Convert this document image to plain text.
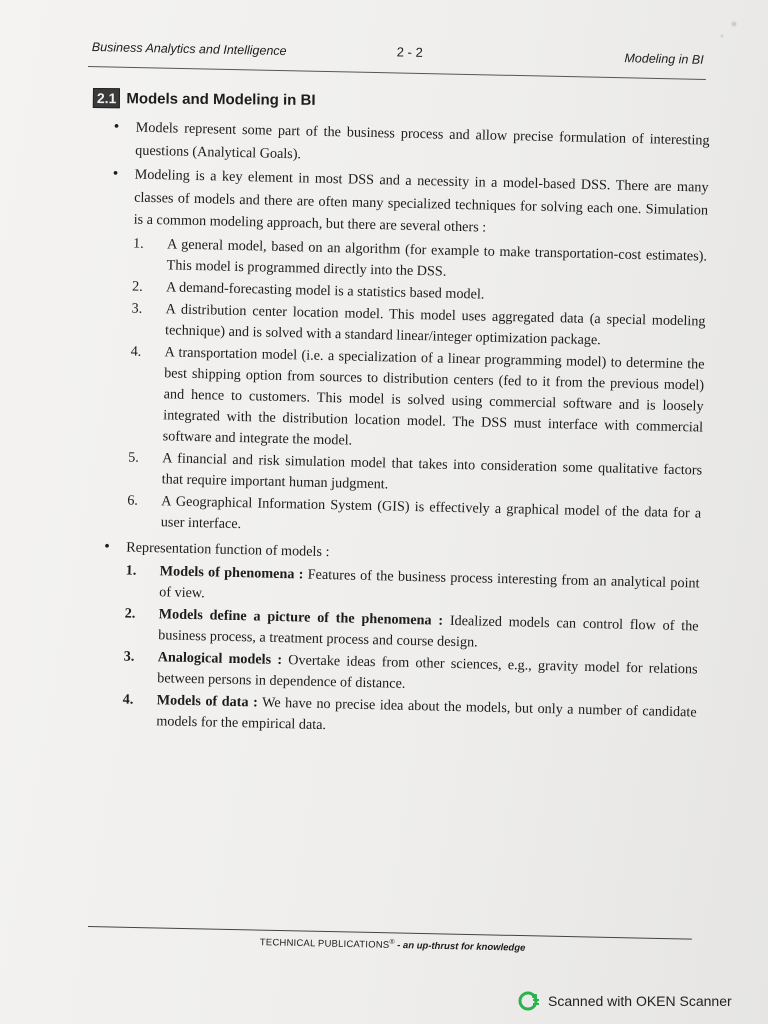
Business Analytics and Intelligence	2 - 2	Modeling in BI
2.1 Models and Modeling in BI

• Models represent some part of the business process and allow precise formulation of interesting questions (Analytical Goals).

• Modeling is a key element in most DSS and a necessity in a model-based DSS. There are many classes of models and there are often many specialized techniques for solving each one. Simulation is a common modeling approach, but there are several others :

1. A general model, based on an algorithm (for example to make transportation-cost estimates). This model is programmed directly into the DSS.

2. A demand-forecasting model is a statistics based model.

3. A distribution center location model. This model uses aggregated data (a special modeling technique) and is solved with a standard linear/integer optimization package.

4. A transportation model (i.e. a specialization of a linear programming model) to determine the best shipping option from sources to distribution centers (fed to it from the previous model) and hence to customers. This model is solved using commercial software and is loosely integrated with the distribution location model. The DSS must interface with commercial software and integrate the model.

5. A financial and risk simulation model that takes into consideration some qualitative factors that require important human judgment.

6. A Geographical Information System (GIS) is effectively a graphical model of the data for a user interface.

• Representation function of models :

1. Models of phenomena : Features of the business process interesting from an analytical point of view.

2. Models define a picture of the phenomena : Idealized models can control flow of the business process, a treatment process and course design.

3. Analogical models : Overtake ideas from other sciences, e.g., gravity model for relations between persons in dependence of distance.

4. Models of data : We have no precise idea about the models, but only a number of candidate models for the empirical data.

TECHNICAL PUBLICATIONS® - an up-thrust for knowledge
Scanned with OKEN Scanner
